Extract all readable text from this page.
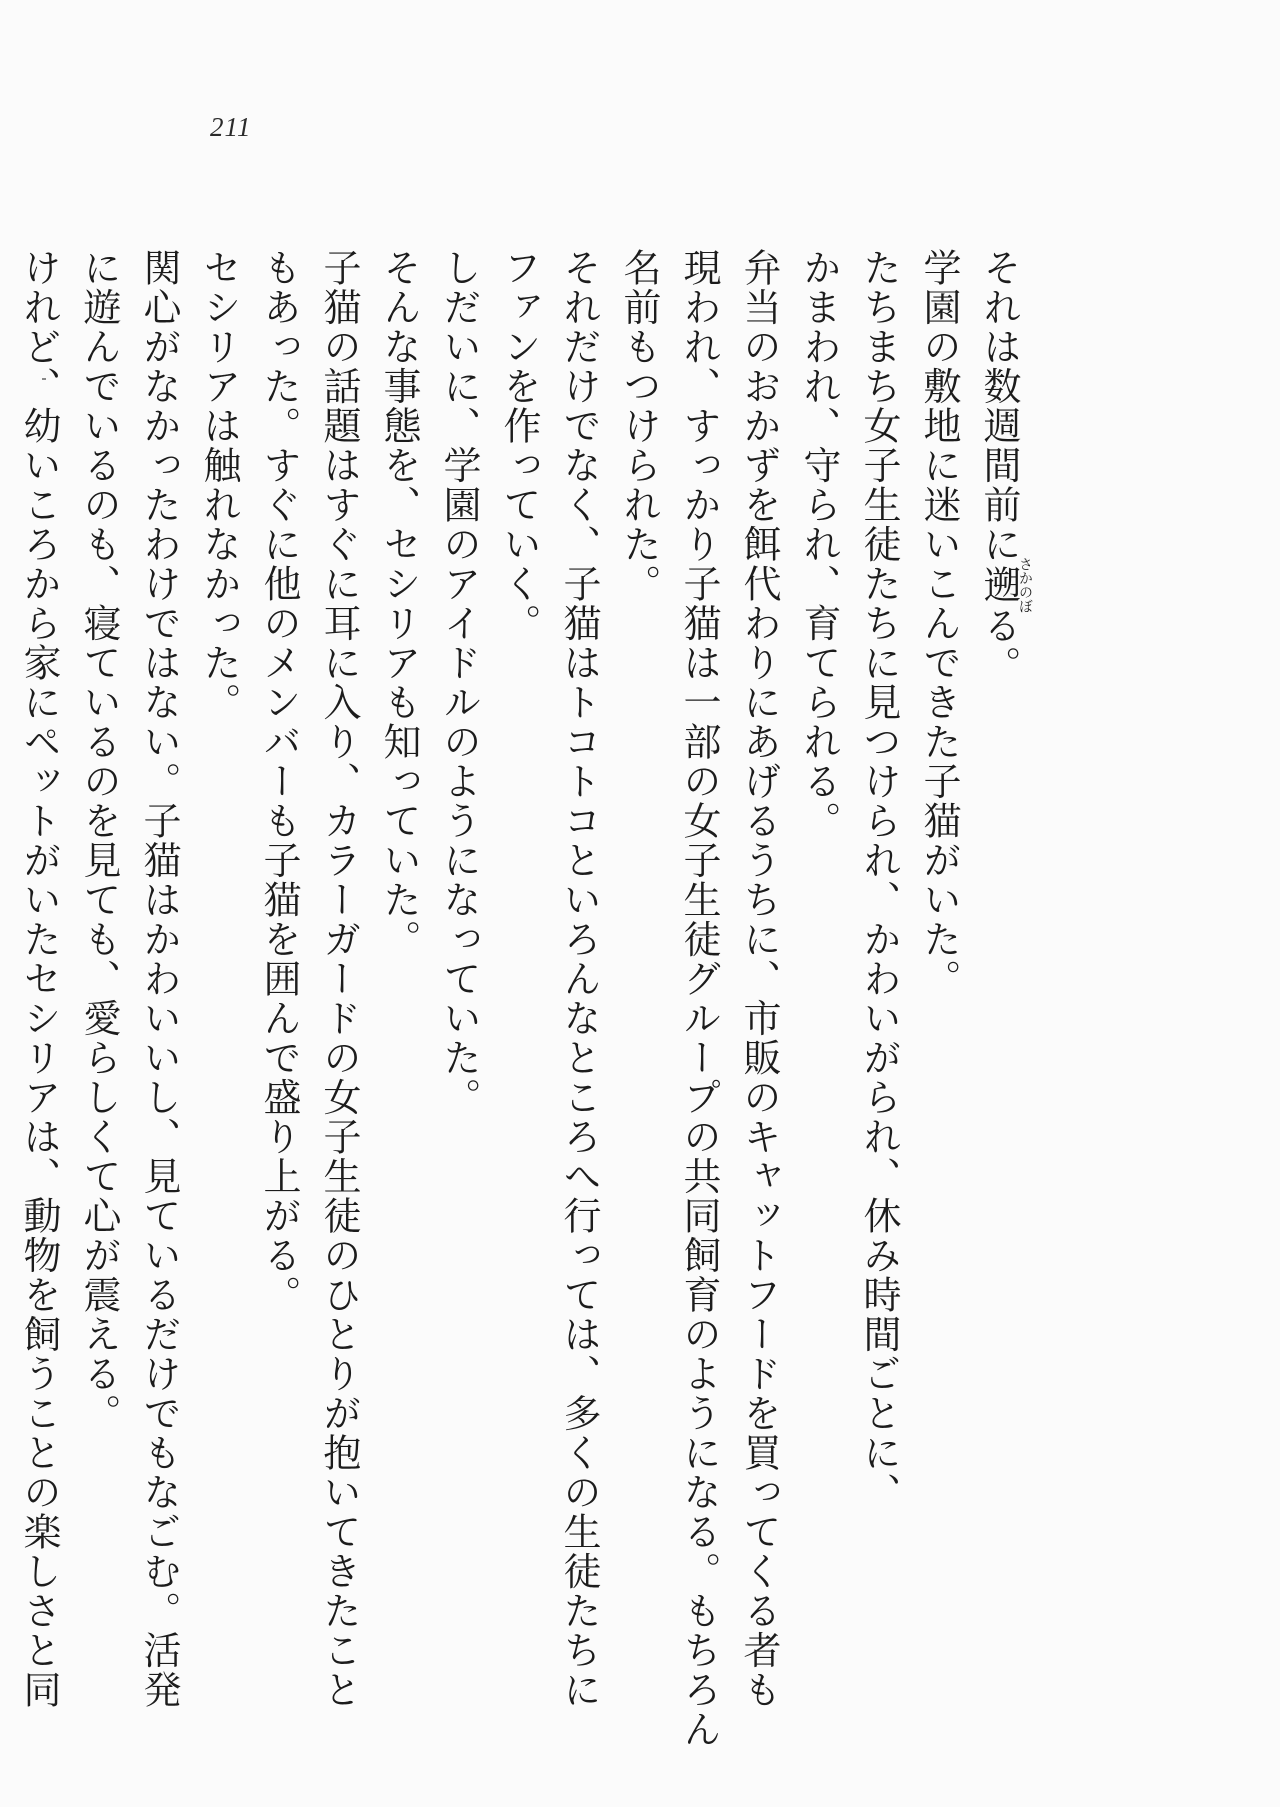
211
それは数週間前に遡さかのぼる。
学園の敷地に迷いこんできた子猫がいた。
たちまち女子生徒たちに見つけられ、かわいがられ、休み時間ごとに、
かまわれ、守られ、育てられる。
弁当のおかずを餌代わりにあげるうちに、市販のキャットフードを買ってくる者も
現われ、すっかり子猫は一部の女子生徒グループの共同飼育のようになる。もちろん
名前もつけられた。
それだけでなく、子猫はトコトコといろんなところへ行っては、多くの生徒たちに
ファンを作っていく。
しだいに、学園のアイドルのようになっていた。
そんな事態を、セシリアも知っていた。
子猫の話題はすぐに耳に入り、カラーガードの女子生徒のひとりが抱いてきたこと
もあった。すぐに他のメンバーも子猫を囲んで盛り上がる。
セシリアは触れなかった。
関心がなかったわけではない。子猫はかわいいし、見ているだけでもなごむ。活発
に遊んでいるのも、寝ているのを見ても、愛らしくて心が震える。
けれど、幼いころから家にペットがいたセシリアは、動物を飼うことの楽しさと同
